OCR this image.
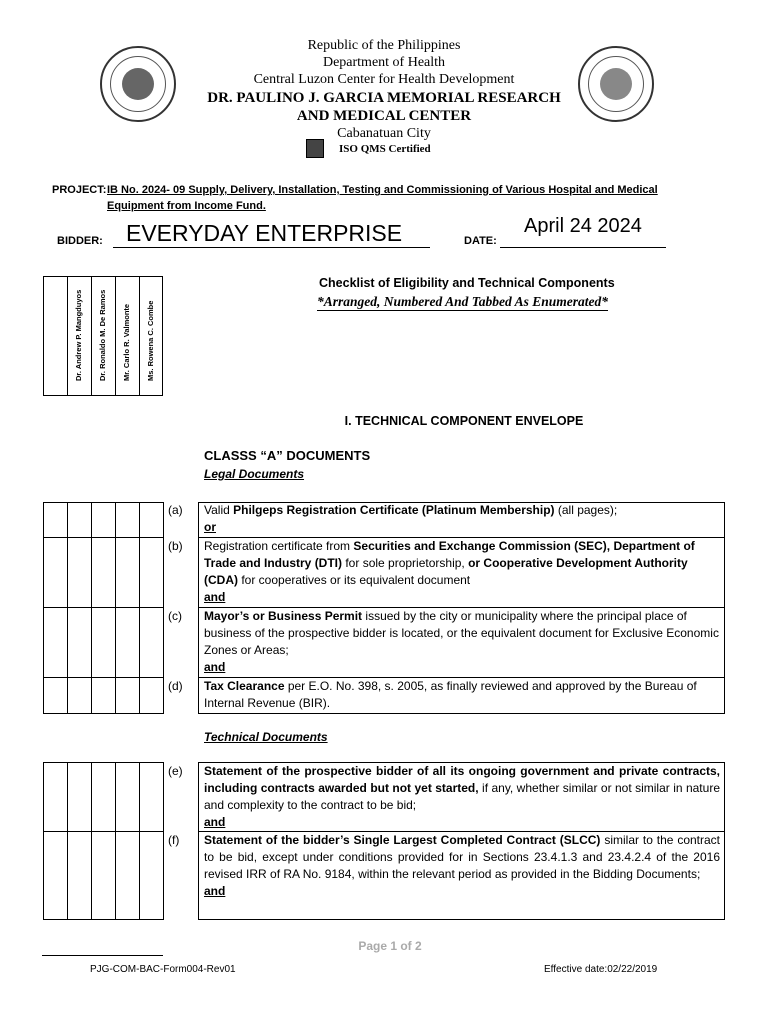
Republic of the Philippines
Department of Health
Central Luzon Center for Health Development
DR. PAULINO J. GARCIA MEMORIAL RESEARCH
AND MEDICAL CENTER
Cabanatuan City
ISO QMS Certified
PROJECT: IB No. 2024- 09 Supply, Delivery, Installation, Testing and Commissioning of Various Hospital and Medical
Equipment from Income Fund.
BIDDER: EVERYDAY ENTERPRISE	DATE:
April 24 2024
Checklist of Eligibility and Technical Components
*Arranged, Numbered And Tabbed As Enumerated*
Dr. Andrew P. Mangduyos Dr. Ronaldo M. De Ramos Mr. Carlo R. Valmonte Ms. Rowena C. Combe
I. TECHNICAL COMPONENT ENVELOPE
CLASSS “A” DOCUMENTS
Legal Documents
(a) Valid Philgeps Registration Certificate (Platinum Membership) (all pages);
or
(b) Registration certificate from Securities and Exchange Commission (SEC), Department of Trade and Industry (DTI) for sole proprietorship, or Cooperative Development Authority (CDA) for cooperatives or its equivalent document
and
(c) Mayor’s or Business Permit issued by the city or municipality where the principal place of business of the prospective bidder is located, or the equivalent document for Exclusive Economic Zones or Areas;
and
(d) Tax Clearance per E.O. No. 398, s. 2005, as finally reviewed and approved by the Bureau of Internal Revenue (BIR).
Technical Documents
(e) Statement of the prospective bidder of all its ongoing government and private contracts, including contracts awarded but not yet started, if any, whether similar or not similar in nature and complexity to the contract to be bid;
and
(f) Statement of the bidder’s Single Largest Completed Contract (SLCC) similar to the contract to be bid, except under conditions provided for in Sections 23.4.1.3 and 23.4.2.4 of the 2016 revised IRR of RA No. 9184, within the relevant period as provided in the Bidding Documents;
and
Page 1 of 2
PJG-COM-BAC-Form004-Rev01	Effective date:02/22/2019
